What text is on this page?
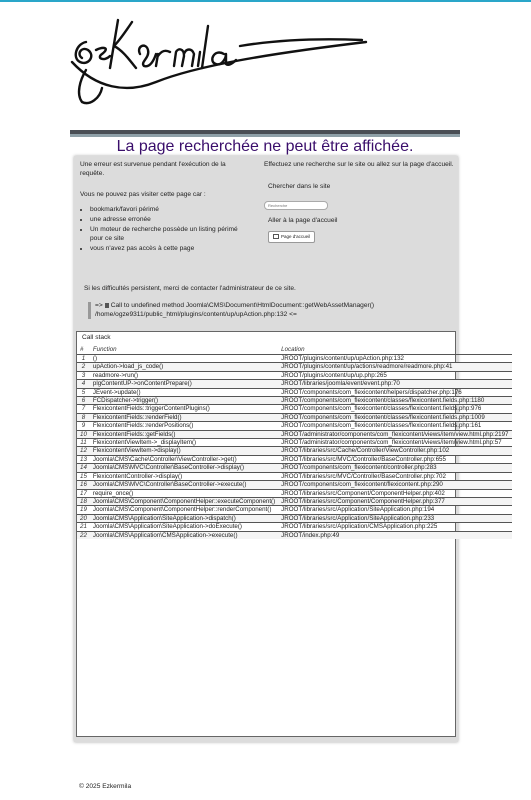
La page recherchée ne peut être affichée.

Une erreur est survenue pendant l'exécution de la requête.

Vous ne pouvez pas visiter cette page car :

• bookmark/favori périmé
• une adresse erronée
• Un moteur de recherche possède un listing périmé pour ce site
• vous n'avez pas accès à cette page

Effectuez une recherche sur le site ou allez sur la page d'accueil.

Chercher dans le site

Recherche

Aller à la page d'accueil

Page d'accueil

Si les difficultés persistent, merci de contacter l'administrateur de ce site.

=> Call to undefined method Joomla\CMS\Document\HtmlDocument::getWebAssetManager()
/home/ogze9311/public_html/plugins/content/up/upAction.php:132 <=
Call stack
#	Function	Location
1	()	JROOT/plugins/content/up/upAction.php:132
2	upAction->load_js_code()	JROOT/plugins/content/up/actions/readmore/readmore.php:41
3	readmore->run()	JROOT/plugins/content/up/up.php:265
4	plgContentUP->onContentPrepare()	JROOT/libraries/joomla/event/event.php:70
5	JEvent->update()	JROOT/components/com_flexicontent/helpers/dispatcher.php:176
6	FCDispatcher->trigger()	JROOT/components/com_flexicontent/classes/flexicontent.fields.php:1180
7	FlexicontentFields::triggerContentPlugins()	JROOT/components/com_flexicontent/classes/flexicontent.fields.php:976
8	FlexicontentFields::renderField()	JROOT/components/com_flexicontent/classes/flexicontent.fields.php:1009
9	FlexicontentFields::renderPositions()	JROOT/components/com_flexicontent/classes/flexicontent.fields.php:161
10	FlexicontentFields::getFields()	JROOT/administrator/components/com_flexicontent/views/item/view.html.php:2197
11	FlexicontentViewItem->_displayItem()	JROOT/administrator/components/com_flexicontent/views/item/view.html.php:57
12	FlexicontentViewItem->display()	JROOT/libraries/src/Cache/Controller/ViewController.php:102
13	Joomla\CMS\Cache\Controller\ViewController->get()	JROOT/libraries/src/MVC/Controller/BaseController.php:655
14	Joomla\CMS\MVC\Controller\BaseController->display()	JROOT/components/com_flexicontent/controller.php:283
15	FlexicontentController->display()	JROOT/libraries/src/MVC/Controller/BaseController.php:702
16	Joomla\CMS\MVC\Controller\BaseController->execute()	JROOT/components/com_flexicontent/flexicontent.php:290
17	require_once()	JROOT/libraries/src/Component/ComponentHelper.php:402
18	Joomla\CMS\Component\ComponentHelper::executeComponent()	JROOT/libraries/src/Component/ComponentHelper.php:377
19	Joomla\CMS\Component\ComponentHelper::renderComponent()	JROOT/libraries/src/Application/SiteApplication.php:194
20	Joomla\CMS\Application\SiteApplication->dispatch()	JROOT/libraries/src/Application/SiteApplication.php:233
21	Joomla\CMS\Application\SiteApplication->doExecute()	JROOT/libraries/src/Application/CMSApplication.php:225
22	Joomla\CMS\Application\CMSApplication->execute()	JROOT/index.php:49
© 2025 Ezkermila
